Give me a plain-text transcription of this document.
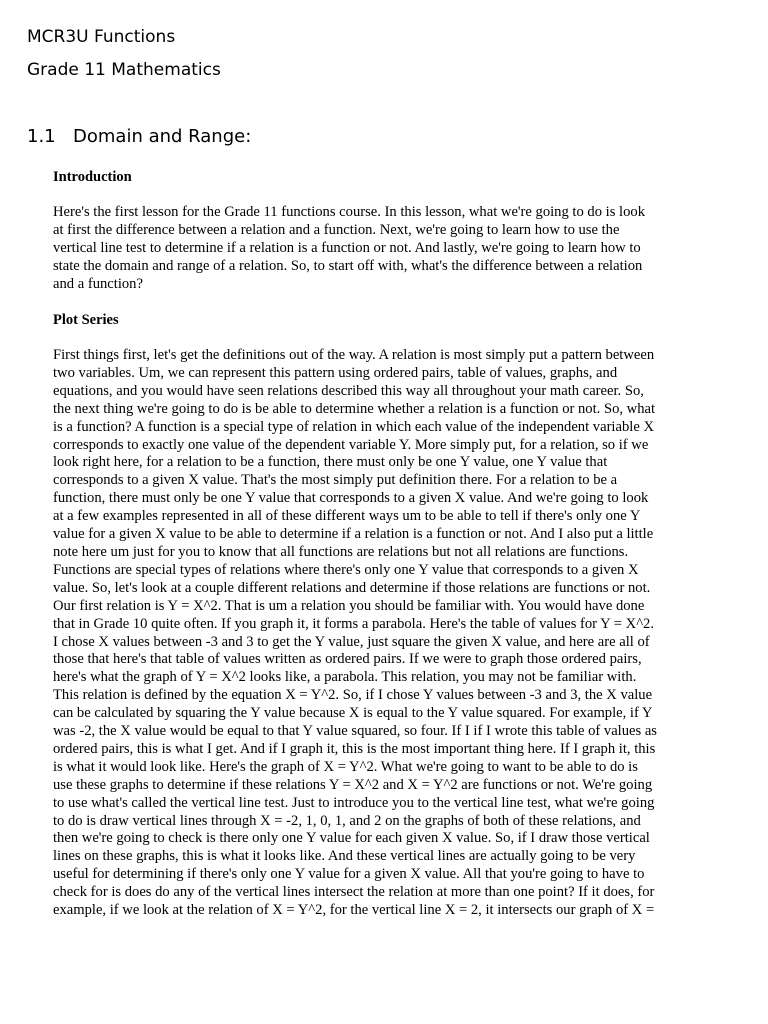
MCR3U Functions
Grade 11 Mathematics
1.1 Domain and Range:
Introduction
Here's the first lesson for the Grade 11 functions course. In this lesson, what we're going to do is look
at first the difference between a relation and a function. Next, we're going to learn how to use the
vertical line test to determine if a relation is a function or not. And lastly, we're going to learn how to
state the domain and range of a relation. So, to start off with, what's the difference between a relation
and a function?
Plot Series
First things first, let's get the definitions out of the way. A relation is most simply put a pattern between
two variables. Um, we can represent this pattern using ordered pairs, table of values, graphs, and
equations, and you would have seen relations described this way all throughout your math career. So,
the next thing we're going to do is be able to determine whether a relation is a function or not. So, what
is a function? A function is a special type of relation in which each value of the independent variable X
corresponds to exactly one value of the dependent variable Y. More simply put, for a relation, so if we
look right here, for a relation to be a function, there must only be one Y value, one Y value that
corresponds to a given X value. That's the most simply put definition there. For a relation to be a
function, there must only be one Y value that corresponds to a given X value. And we're going to look
at a few examples represented in all of these different ways um to be able to tell if there's only one Y
value for a given X value to be able to determine if a relation is a function or not. And I also put a little
note here um just for you to know that all functions are relations but not all relations are functions.
Functions are special types of relations where there's only one Y value that corresponds to a given X
value. So, let's look at a couple different relations and determine if those relations are functions or not.
Our first relation is Y = X^2. That is um a relation you should be familiar with. You would have done
that in Grade 10 quite often. If you graph it, it forms a parabola. Here's the table of values for Y = X^2.
I chose X values between -3 and 3 to get the Y value, just square the given X value, and here are all of
those that here's that table of values written as ordered pairs. If we were to graph those ordered pairs,
here's what the graph of Y = X^2 looks like, a parabola. This relation, you may not be familiar with.
This relation is defined by the equation X = Y^2. So, if I chose Y values between -3 and 3, the X value
can be calculated by squaring the Y value because X is equal to the Y value squared. For example, if Y
was -2, the X value would be equal to that Y value squared, so four. If I if I wrote this table of values as
ordered pairs, this is what I get. And if I graph it, this is the most important thing here. If I graph it, this
is what it would look like. Here's the graph of X = Y^2. What we're going to want to be able to do is
use these graphs to determine if these relations Y = X^2 and X = Y^2 are functions or not. We're going
to use what's called the vertical line test. Just to introduce you to the vertical line test, what we're going
to do is draw vertical lines through X = -2, 1, 0, 1, and 2 on the graphs of both of these relations, and
then we're going to check is there only one Y value for each given X value. So, if I draw those vertical
lines on these graphs, this is what it looks like. And these vertical lines are actually going to be very
useful for determining if there's only one Y value for a given X value. All that you're going to have to
check for is does do any of the vertical lines intersect the relation at more than one point? If it does, for
example, if we look at the relation of X = Y^2, for the vertical line X = 2, it intersects our graph of X =
